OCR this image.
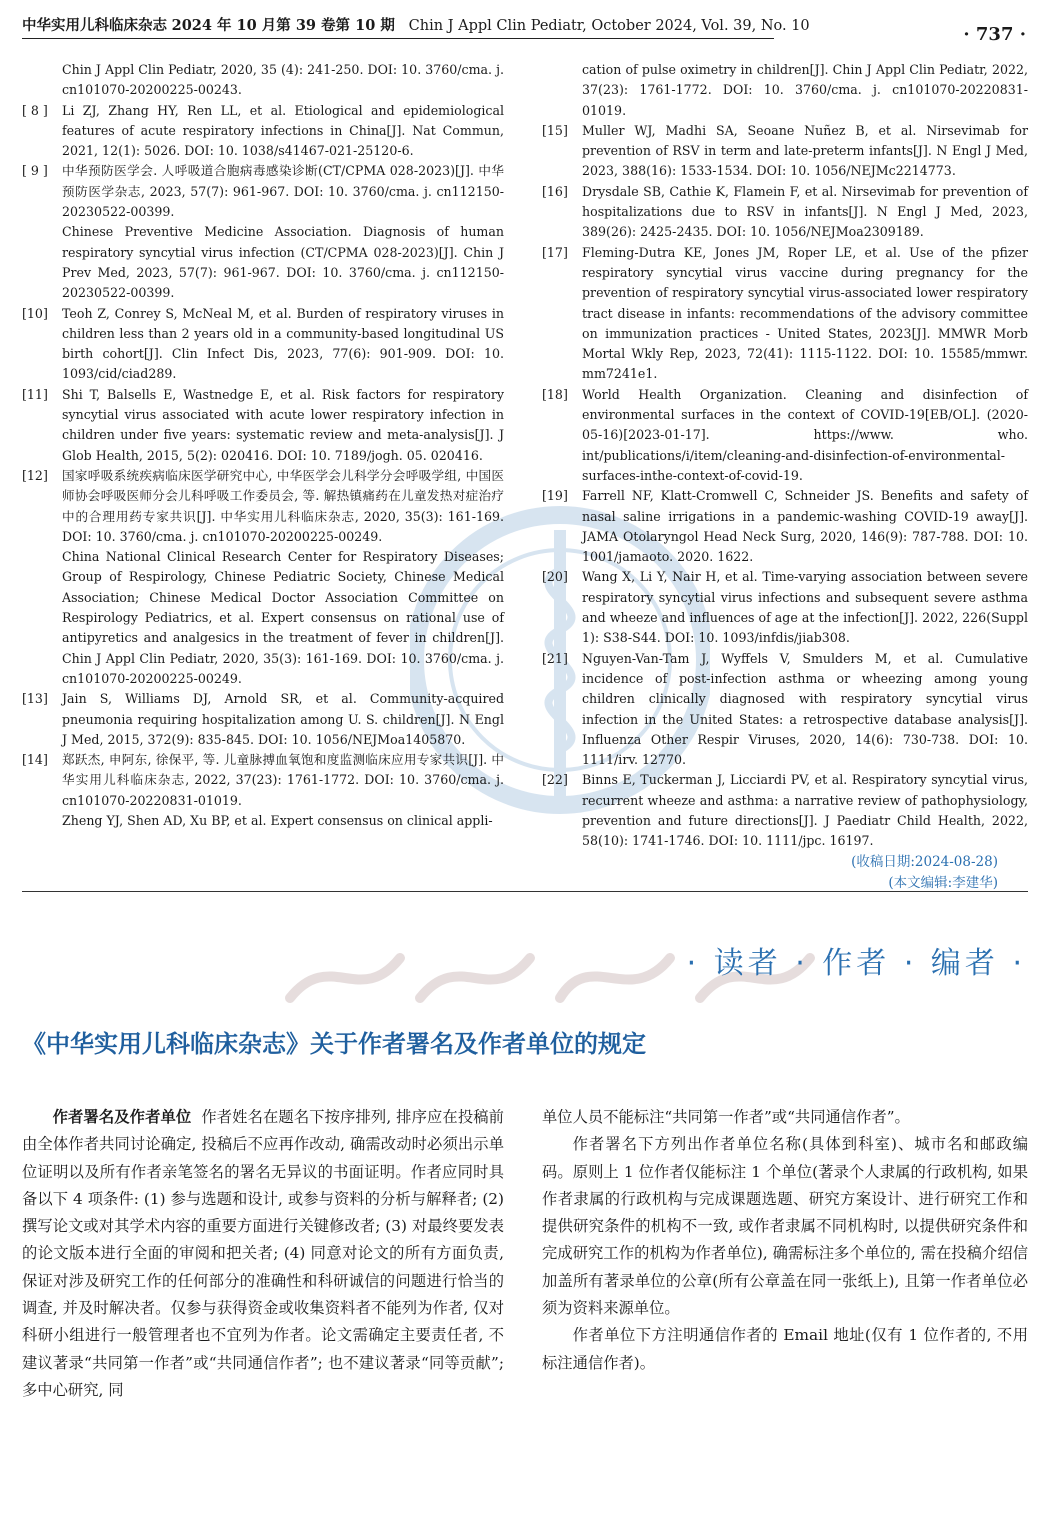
中华实用儿科临床杂志 2024 年 10 月第 39 卷第 10 期 Chin J Appl Clin Pediatr, October 2024, Vol. 39, No. 10	· 737 ·
Chin J Appl Clin Pediatr, 2020, 35 (4): 241-250. DOI: 10. 3760/cma. j. cn101070-20200225-00243.
[ 8 ] Li ZJ, Zhang HY, Ren LL, et al. Etiological and epidemiological features of acute respiratory infections in China[J]. Nat Commun, 2021, 12(1): 5026. DOI: 10. 1038/s41467-021-25120-6.
[ 9 ] 中华预防医学会. 人呼吸道合胞病毒感染诊断(CT/CPMA 028-2023)[J]. 中华预防医学杂志, 2023, 57(7): 961-967. DOI: 10. 3760/cma. j. cn112150-20230522-00399.
Chinese Preventive Medicine Association. Diagnosis of human respiratory syncytial virus infection (CT/CPMA 028-2023)[J]. Chin J Prev Med, 2023, 57(7): 961-967. DOI: 10. 3760/cma. j. cn112150-20230522-00399.
[10] Teoh Z, Conrey S, McNeal M, et al. Burden of respiratory viruses in children less than 2 years old in a community-based longitudinal US birth cohort[J]. Clin Infect Dis, 2023, 77(6): 901-909. DOI: 10. 1093/cid/ciad289.
[11] Shi T, Balsells E, Wastnedge E, et al. Risk factors for respiratory syncytial virus associated with acute lower respiratory infection in children under five years: systematic review and meta-analysis[J]. J Glob Health, 2015, 5(2): 020416. DOI: 10. 7189/jogh. 05. 020416.
[12] 国家呼吸系统疾病临床医学研究中心, 中华医学会儿科学分会呼吸学组, 中国医师协会呼吸医师分会儿科呼吸工作委员会, 等. 解热镇痛药在儿童发热对症治疗中的合理用药专家共识[J]. 中华实用儿科临床杂志, 2020, 35(3): 161-169. DOI: 10. 3760/cma. j. cn101070-20200225-00249.
China National Clinical Research Center for Respiratory Diseases; Group of Respirology, Chinese Pediatric Society, Chinese Medical Association; Chinese Medical Doctor Association Committee on Respirology Pediatrics, et al. Expert consensus on rational use of antipyretics and analgesics in the treatment of fever in children[J]. Chin J Appl Clin Pediatr, 2020, 35(3): 161-169. DOI: 10. 3760/cma. j. cn101070-20200225-00249.
[13] Jain S, Williams DJ, Arnold SR, et al. Community-acquired pneumonia requiring hospitalization among U. S. children[J]. N Engl J Med, 2015, 372(9): 835-845. DOI: 10. 1056/NEJMoa1405870.
[14] 郑跃杰, 申阿东, 徐保平, 等. 儿童脉搏血氧饱和度监测临床应用专家共识[J]. 中华实用儿科临床杂志, 2022, 37(23): 1761-1772. DOI: 10. 3760/cma. j. cn101070-20220831-01019.
Zheng YJ, Shen AD, Xu BP, et al. Expert consensus on clinical appli-
cation of pulse oximetry in children[J]. Chin J Appl Clin Pediatr, 2022, 37(23): 1761-1772. DOI: 10. 3760/cma. j. cn101070-20220831-01019.
[15] Muller WJ, Madhi SA, Seoane Nuñez B, et al. Nirsevimab for prevention of RSV in term and late-preterm infants[J]. N Engl J Med, 2023, 388(16): 1533-1534. DOI: 10. 1056/NEJMc2214773.
[16] Drysdale SB, Cathie K, Flamein F, et al. Nirsevimab for prevention of hospitalizations due to RSV in infants[J]. N Engl J Med, 2023, 389(26): 2425-2435. DOI: 10. 1056/NEJMoa2309189.
[17] Fleming-Dutra KE, Jones JM, Roper LE, et al. Use of the pfizer respiratory syncytial virus vaccine during pregnancy for the prevention of respiratory syncytial virus-associated lower respiratory tract disease in infants: recommendations of the advisory committee on immunization practices - United States, 2023[J]. MMWR Morb Mortal Wkly Rep, 2023, 72(41): 1115-1122. DOI: 10. 15585/mmwr. mm7241e1.
[18] World Health Organization. Cleaning and disinfection of environmental surfaces in the context of COVID-19[EB/OL]. (2020-05-16)[2023-01-17]. https://www. who. int/publications/i/item/cleaning-and-disinfection-of-environmental-surfaces-inthe-context-of-covid-19.
[19] Farrell NF, Klatt-Cromwell C, Schneider JS. Benefits and safety of nasal saline irrigations in a pandemic-washing COVID-19 away[J]. JAMA Otolaryngol Head Neck Surg, 2020, 146(9): 787-788. DOI: 10. 1001/jamaoto. 2020. 1622.
[20] Wang X, Li Y, Nair H, et al. Time-varying association between severe respiratory syncytial virus infections and subsequent severe asthma and wheeze and influences of age at the infection[J]. 2022, 226(Suppl 1): S38-S44. DOI: 10. 1093/infdis/jiab308.
[21] Nguyen-Van-Tam J, Wyffels V, Smulders M, et al. Cumulative incidence of post-infection asthma or wheezing among young children clinically diagnosed with respiratory syncytial virus infection in the United States: a retrospective database analysis[J]. Influenza Other Respir Viruses, 2020, 14(6): 730-738. DOI: 10. 1111/irv. 12770.
[22] Binns E, Tuckerman J, Licciardi PV, et al. Respiratory syncytial virus, recurrent wheeze and asthma: a narrative review of pathophysiology, prevention and future directions[J]. J Paediatr Child Health, 2022, 58(10): 1741-1746. DOI: 10. 1111/jpc. 16197.
(收稿日期:2024-08-28)
(本文编辑:李建华)
· 读者 · 作者 · 编者 ·
《中华实用儿科临床杂志》关于作者署名及作者单位的规定

作者署名及作者单位 作者姓名在题名下按序排列, 排序应在投稿前由全体作者共同讨论确定, 投稿后不应再作改动, 确需改动时必须出示单位证明以及所有作者亲笔签名的署名无异议的书面证明。作者应同时具备以下 4 项条件: (1) 参与选题和设计, 或参与资料的分析与解释者; (2) 撰写论文或对其学术内容的重要方面进行关键修改者; (3) 对最终要发表的论文版本进行全面的审阅和把关者; (4) 同意对论文的所有方面负责, 保证对涉及研究工作的任何部分的准确性和科研诚信的问题进行恰当的调查, 并及时解决者。仅参与获得资金或收集资料者不能列为作者, 仅对科研小组进行一般管理者也不宜列为作者。论文需确定主要责任者, 不建议著录“共同第一作者”或“共同通信作者”; 也不建议著录“同等贡献”; 多中心研究, 同

单位人员不能标注“共同第一作者”或“共同通信作者”。

作者署名下方列出作者单位名称(具体到科室)、城市名和邮政编码。原则上 1 位作者仅能标注 1 个单位(著录个人隶属的行政机构, 如果作者隶属的行政机构与完成课题选题、研究方案设计、进行研究工作和提供研究条件的机构不一致, 或作者隶属不同机构时, 以提供研究条件和完成研究工作的机构为作者单位), 确需标注多个单位的, 需在投稿介绍信加盖所有著录单位的公章(所有公章盖在同一张纸上), 且第一作者单位必须为资料来源单位。

作者单位下方注明通信作者的 Email 地址(仅有 1 位作者的, 不用标注通信作者)。
